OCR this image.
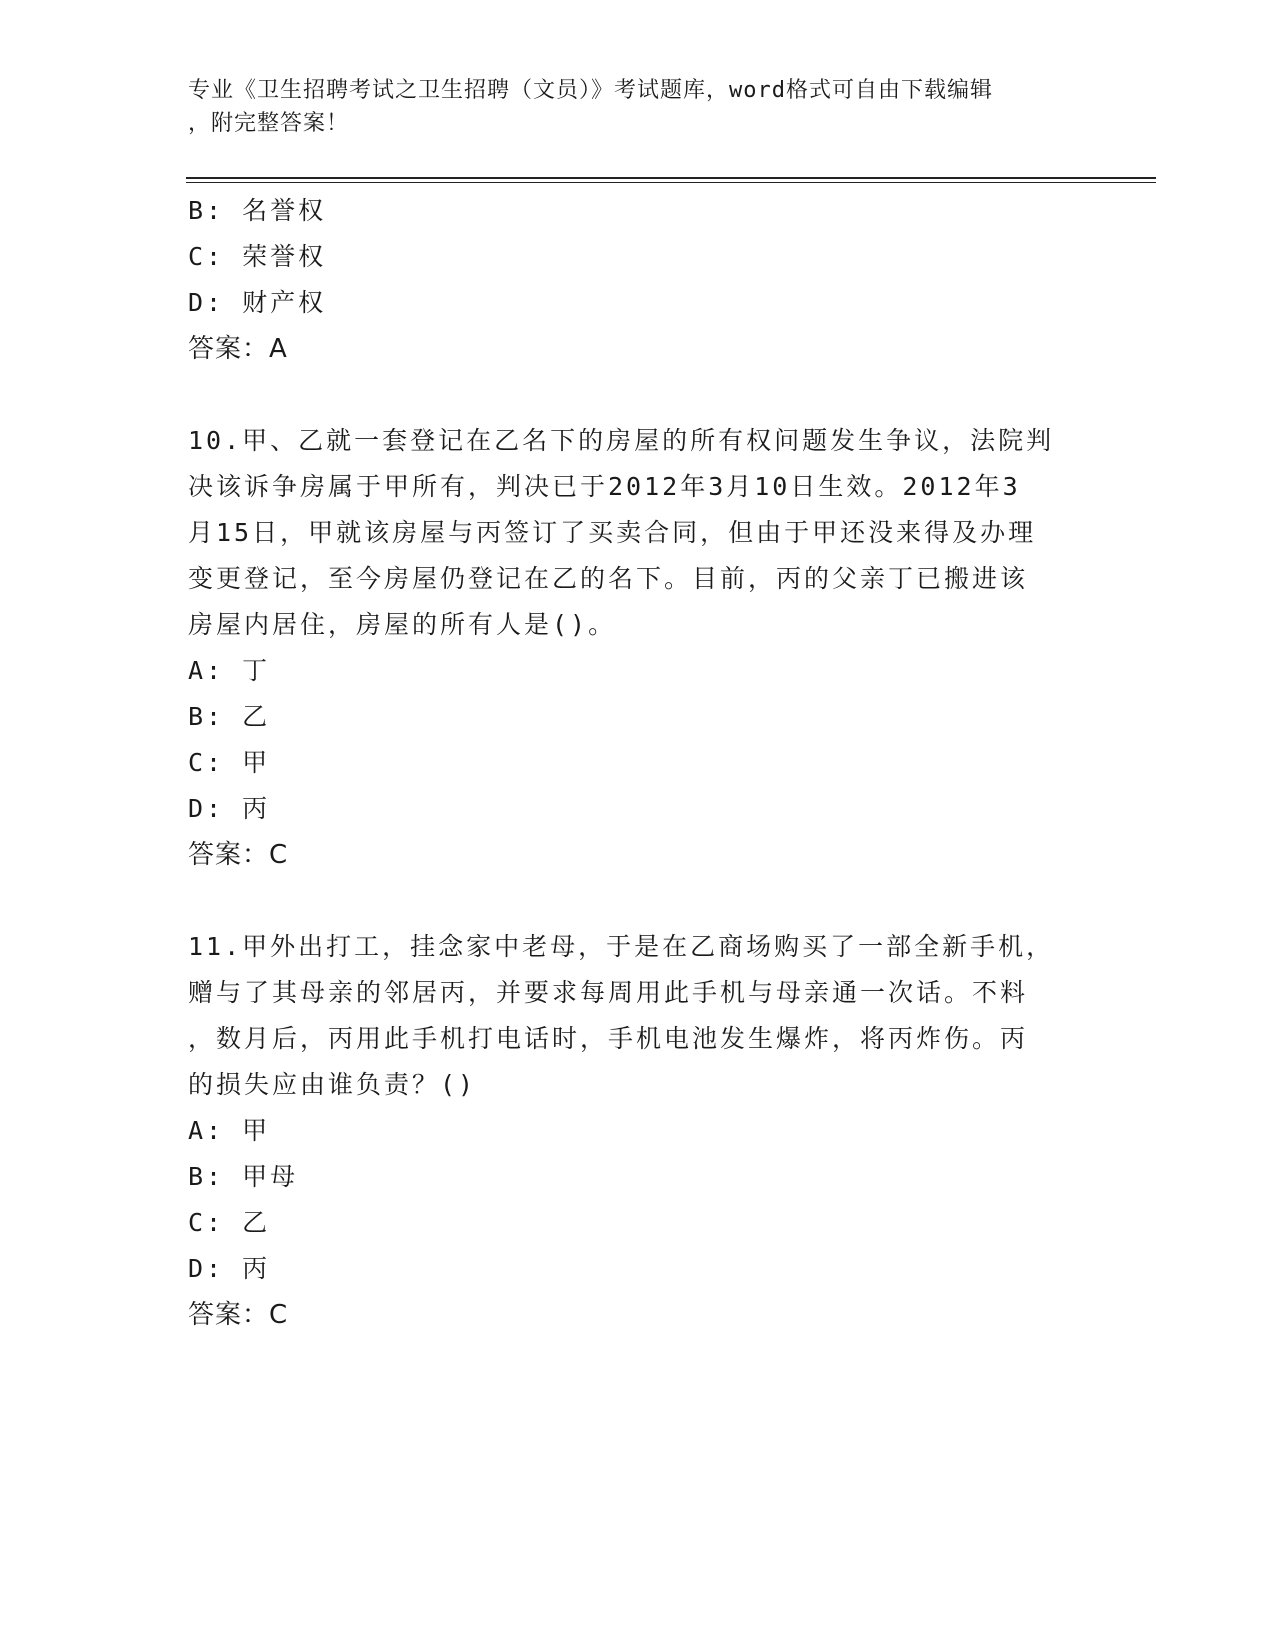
专业《卫生招聘考试之卫生招聘（文员）》考试题库，word格式可自由下载编辑
，附完整答案！
B: 名誉权
C: 荣誉权
D: 财产权
答案：A
10.甲、乙就一套登记在乙名下的房屋的所有权问题发生争议，法院判
决该诉争房属于甲所有，判决已于2012年3月10日生效。2012年3
月15日，甲就该房屋与丙签订了买卖合同，但由于甲还没来得及办理
变更登记，至今房屋仍登记在乙的名下。目前，丙的父亲丁已搬进该
房屋内居住，房屋的所有人是()。
A: 丁
B: 乙
C: 甲
D: 丙
答案：C
11.甲外出打工，挂念家中老母，于是在乙商场购买了一部全新手机，
赠与了其母亲的邻居丙，并要求每周用此手机与母亲通一次话。不料
，数月后，丙用此手机打电话时，手机电池发生爆炸，将丙炸伤。丙
的损失应由谁负责？()
A: 甲
B: 甲母
C: 乙
D: 丙
答案：C
